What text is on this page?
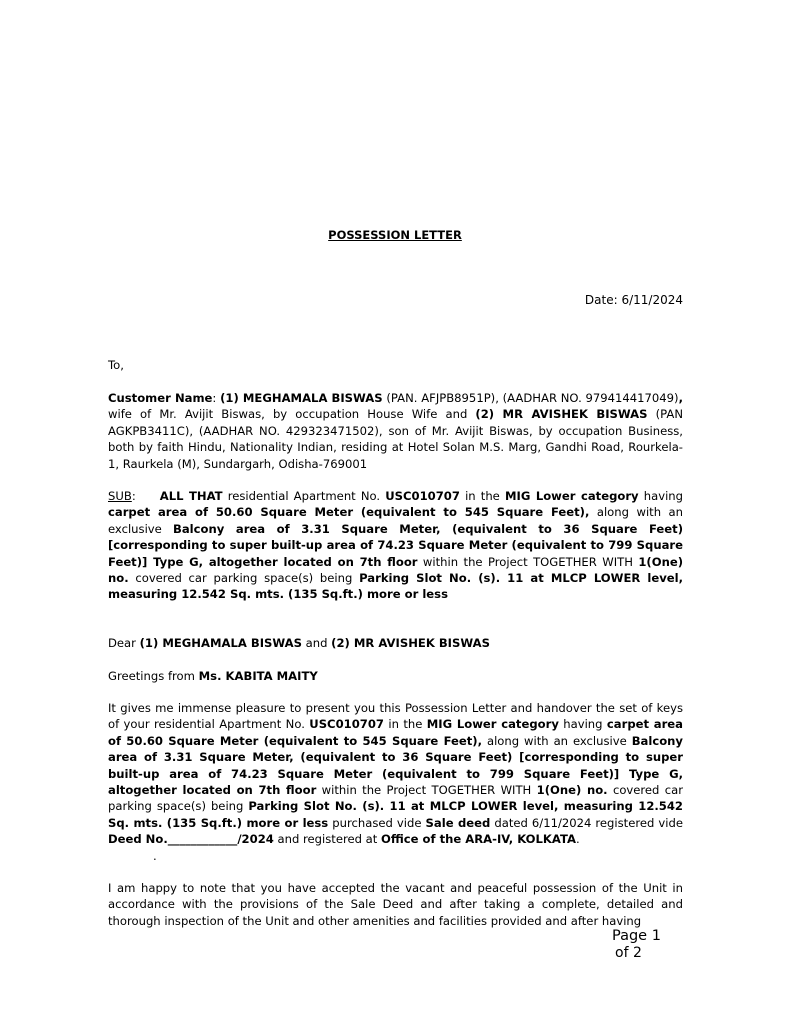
POSSESSION LETTER
Date: 6/11/2024
To,
Customer Name: (1) MEGHAMALA BISWAS (PAN. AFJPB8951P), (AADHAR NO. 979414417049), wife of Mr. Avijit Biswas, by occupation House Wife and (2) MR AVISHEK BISWAS (PAN AGKPB3411C), (AADHAR NO. 429323471502), son of Mr. Avijit Biswas, by occupation Business, both by faith Hindu, Nationality Indian, residing at Hotel Solan M.S. Marg, Gandhi Road, Rourkela-1, Raurkela (M), Sundargarh, Odisha-769001
SUB: ALL THAT residential Apartment No. USC010707 in the MIG Lower category having carpet area of 50.60 Square Meter (equivalent to 545 Square Feet), along with an exclusive Balcony area of 3.31 Square Meter, (equivalent to 36 Square Feet) [corresponding to super built-up area of 74.23 Square Meter (equivalent to 799 Square Feet)] Type G, altogether located on 7th floor within the Project TOGETHER WITH 1(One) no. covered car parking space(s) being Parking Slot No. (s). 11 at MLCP LOWER level, measuring 12.542 Sq. mts. (135 Sq.ft.) more or less
Dear (1) MEGHAMALA BISWAS and (2) MR AVISHEK BISWAS
Greetings from Ms. KABITA MAITY
It gives me immense pleasure to present you this Possession Letter and handover the set of keys of your residential Apartment No. USC010707 in the MIG Lower category having carpet area of 50.60 Square Meter (equivalent to 545 Square Feet), along with an exclusive Balcony area of 3.31 Square Meter, (equivalent to 36 Square Feet) [corresponding to super built-up area of 74.23 Square Meter (equivalent to 799 Square Feet)] Type G, altogether located on 7th floor within the Project TOGETHER WITH 1(One) no. covered car parking space(s) being Parking Slot No. (s). 11 at MLCP LOWER level, measuring 12.542 Sq. mts. (135 Sq.ft.) more or less purchased vide Sale deed dated 6/11/2024 registered vide Deed No.____________/2024 and registered at Office of the ARA-IV, KOLKATA.
.
I am happy to note that you have accepted the vacant and peaceful possession of the Unit in accordance with the provisions of the Sale Deed and after taking a complete, detailed and thorough inspection of the Unit and other amenities and facilities provided and after having
Page 1
of 2
